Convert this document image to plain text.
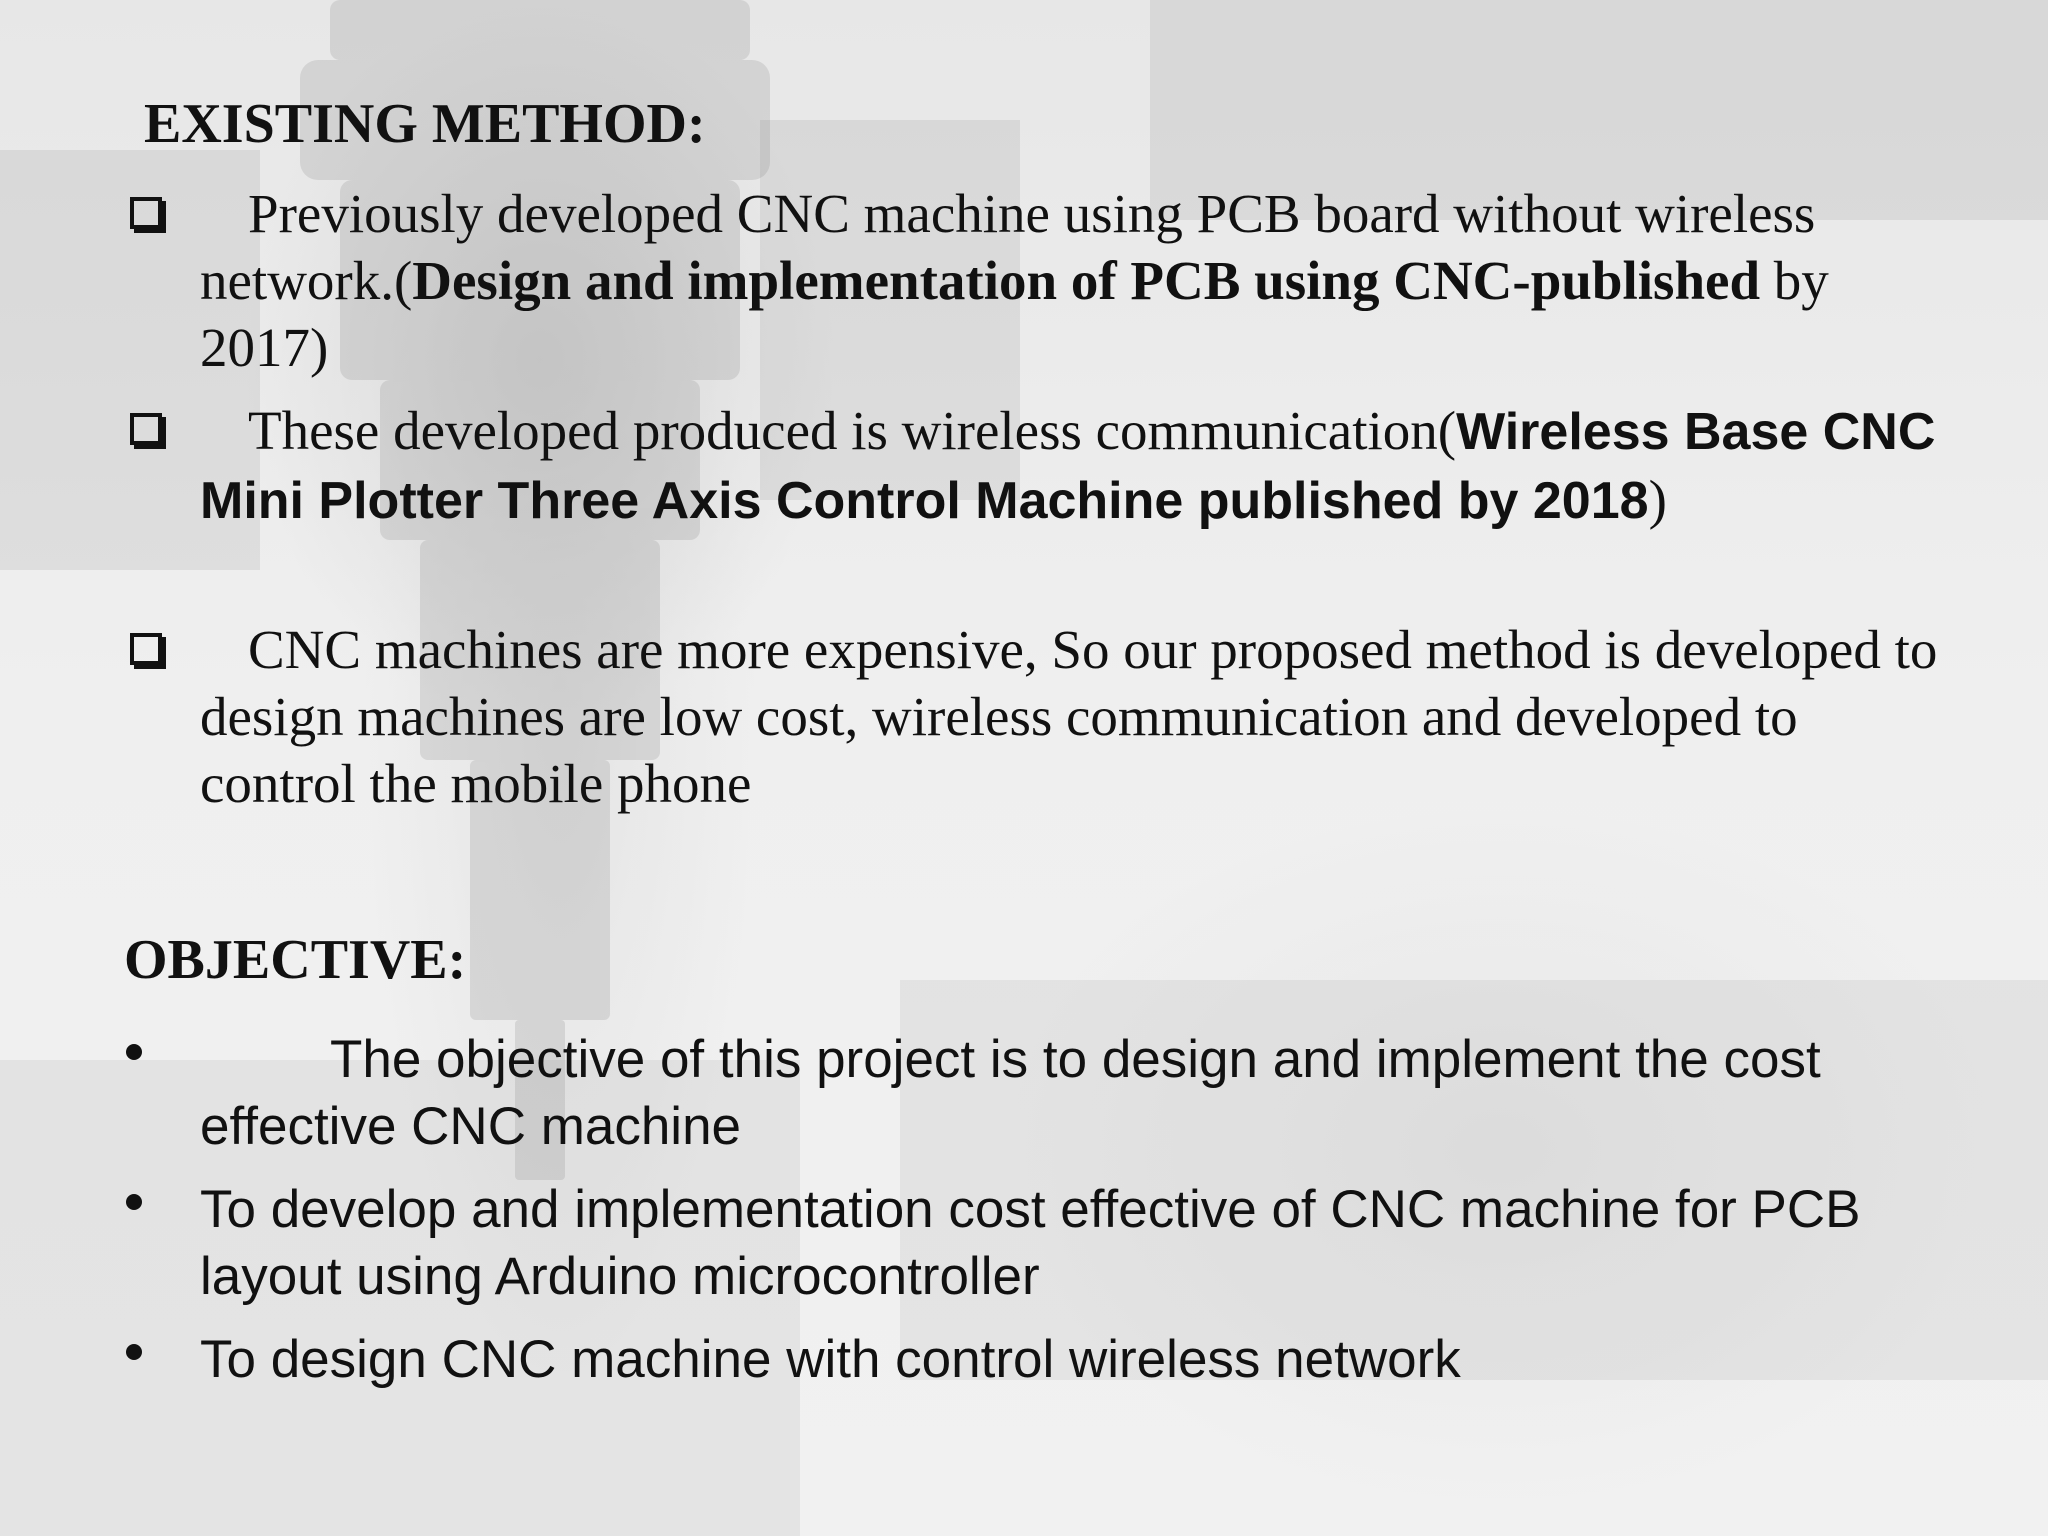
EXISTING METHOD:
Previously developed CNC machine using PCB board without wireless network.(Design and implementation of PCB using CNC-published by 2017)
These developed produced is wireless communication(Wireless Base CNC Mini Plotter Three Axis Control Machine published by 2018)
CNC machines are more expensive, So our proposed method is developed to design machines are low cost, wireless communication and developed to control the mobile phone
OBJECTIVE:
The objective of this project is to design and implement the cost effective CNC machine
To develop and implementation cost effective of CNC machine for PCB layout using Arduino microcontroller
To design CNC machine with control wireless network
